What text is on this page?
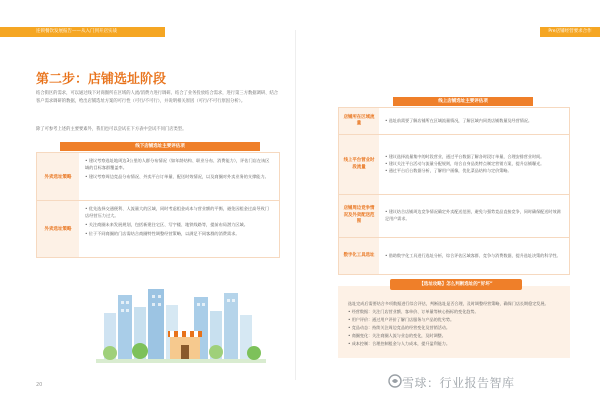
连锁餐饮发展报告——从入门到开店实战	Pre店铺经营要求合作
第二步：店铺选址阶段
结合街区的需求，可以通过线下对商圈所在区域的人流/消费力进行调研。结合了业务投放结合需求，进行第三方数据调研、结合客户需求调研的数据，给出店铺选址方案的可行性（可行/不可行），并说明相关原因（可行/不可行原因分析）。
除了可参考上述的主要要素外，我们也可以尝试在下方表中尝试不同门店类型。
线下店铺选址主要评估项
外卖选址策略

• 建议考察选址地周边3公里的人群分布情况（如年龄结构、职业分布、消费能力），评估门店在该区域的目标客群覆盖率。

• 建议考察周边竞品分布情况、外卖平台订单量、配送时效情况，以及商圈对外卖业务的支撑能力。

外卖选址策略

• 优先选择交通便利、人流量大的区域，同时考虑租金成本与营业额的平衡，避免因租金过高导致门店经营压力过大。

• 关注商圈未来发展规划，包括新建住宅区、写字楼、地铁线路等，提前布局潜力区域。

• 位于不同商圈的门店需结合商圈特性调整经营策略，以满足不同客群的消费需求。

20
线上店铺选址主要评估项
店铺所在区域流量

• 选址前需要了解店铺所在区域流量情况，了解区域内同类店铺数量及经营情况。

线上平台营业时段流量

• 建议选择流量集中的时段营业，通过平台数据了解各时段订单量，合理安排营业时间。

• 建议关注平台活动与流量分配规则，结合自身品类特点制定营销方案，提升店铺曝光。

• 通过平台后台数据分析，了解用户画像，优化菜品结构与定价策略。

店铺周边竞争情况及外卖配送范围

• 建议结合店铺周边竞争情况确定外卖配送范围，避免与强势竞品直接竞争，同时确保配送时效满足用户需求。

数字化工具选址	• 借助数字化工具进行选址分析，综合评估区域客群、竞争与消费数据，提升选址决策的科学性。

选址完成后需要结合多项数据进行综合评估，判断选址是否合理，及时调整经营策略，确保门店长期稳定发展。

• 经营数据：关注门店营业额、客单价、订单量等核心指标的变化趋势。

• 用户评价：通过用户评价了解门店服务与产品的优劣势。

• 竞品动态：持续关注周边竞品的经营变化及营销活动。

• 商圈变化：关注商圈人流与业态的变化，及时调整。

• 成本控制：合理控制租金与人力成本，提升盈利能力。

【选址攻略】怎么判断选址的“好坏”
雪球：行业报告智库
